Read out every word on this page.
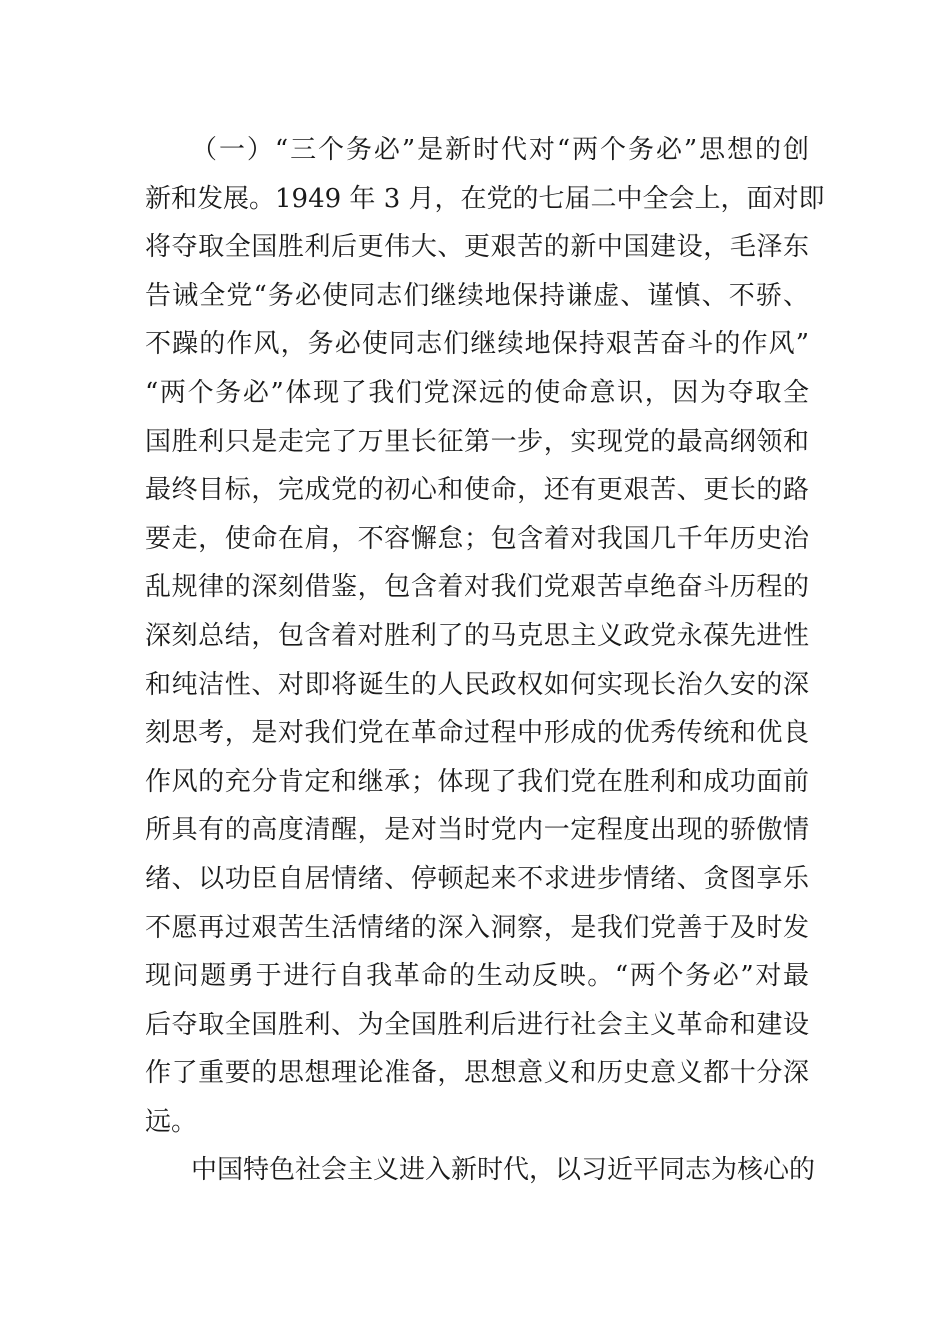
（一）“三个务必”是新时代对“两个务必”思想的创
新和发展。1949 年 3 月，在党的七届二中全会上，面对即
将夺取全国胜利后更伟大、更艰苦的新中国建设，毛泽东
告诫全党“务必使同志们继续地保持谦虚、谨慎、不骄、
不躁的作风，务必使同志们继续地保持艰苦奋斗的作风”
“两个务必”体现了我们党深远的使命意识，因为夺取全
国胜利只是走完了万里长征第一步，实现党的最高纲领和
最终目标，完成党的初心和使命，还有更艰苦、更长的路
要走，使命在肩，不容懈怠；包含着对我国几千年历史治
乱规律的深刻借鉴，包含着对我们党艰苦卓绝奋斗历程的
深刻总结，包含着对胜利了的马克思主义政党永葆先进性
和纯洁性、对即将诞生的人民政权如何实现长治久安的深
刻思考，是对我们党在革命过程中形成的优秀传统和优良
作风的充分肯定和继承；体现了我们党在胜利和成功面前
所具有的高度清醒，是对当时党内一定程度出现的骄傲情
绪、以功臣自居情绪、停顿起来不求进步情绪、贪图享乐
不愿再过艰苦生活情绪的深入洞察，是我们党善于及时发
现问题勇于进行自我革命的生动反映。“两个务必”对最
后夺取全国胜利、为全国胜利后进行社会主义革命和建设
作了重要的思想理论准备，思想意义和历史意义都十分深
远。
中国特色社会主义进入新时代，以习近平同志为核心的
